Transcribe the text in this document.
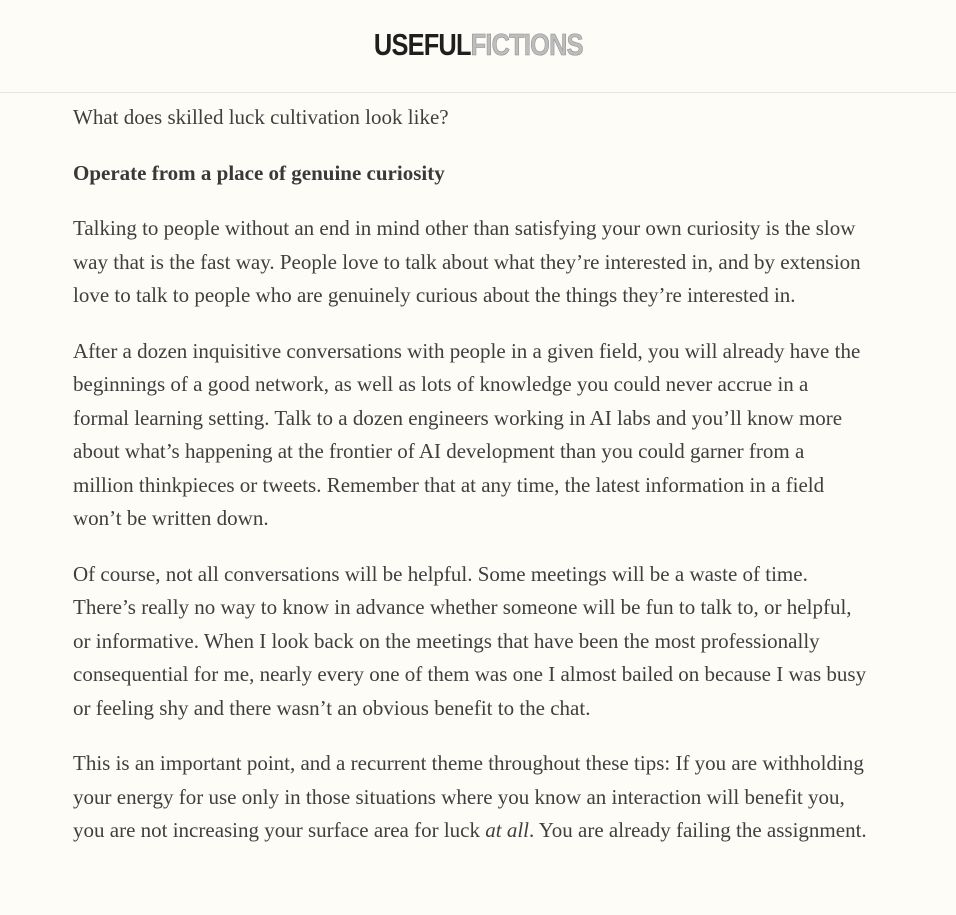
USEFUL FICTIONS

What does skilled luck cultivation look like?

Operate from a place of genuine curiosity

Talking to people without an end in mind other than satisfying your own curiosity is the slow way that is the fast way. People love to talk about what they’re interested in, and by extension love to talk to people who are genuinely curious about the things they’re interested in.

After a dozen inquisitive conversations with people in a given field, you will already have the beginnings of a good network, as well as lots of knowledge you could never accrue in a formal learning setting. Talk to a dozen engineers working in AI labs and you’ll know more about what’s happening at the frontier of AI development than you could garner from a million thinkpieces or tweets. Remember that at any time, the latest information in a field won’t be written down.

Of course, not all conversations will be helpful. Some meetings will be a waste of time. There’s really no way to know in advance whether someone will be fun to talk to, or helpful, or informative. When I look back on the meetings that have been the most professionally consequential for me, nearly every one of them was one I almost bailed on because I was busy or feeling shy and there wasn’t an obvious benefit to the chat.

This is an important point, and a recurrent theme throughout these tips: If you are withholding your energy for use only in those situations where you know an interaction will benefit you, you are not increasing your surface area for luck at all. You are already failing the assignment.
